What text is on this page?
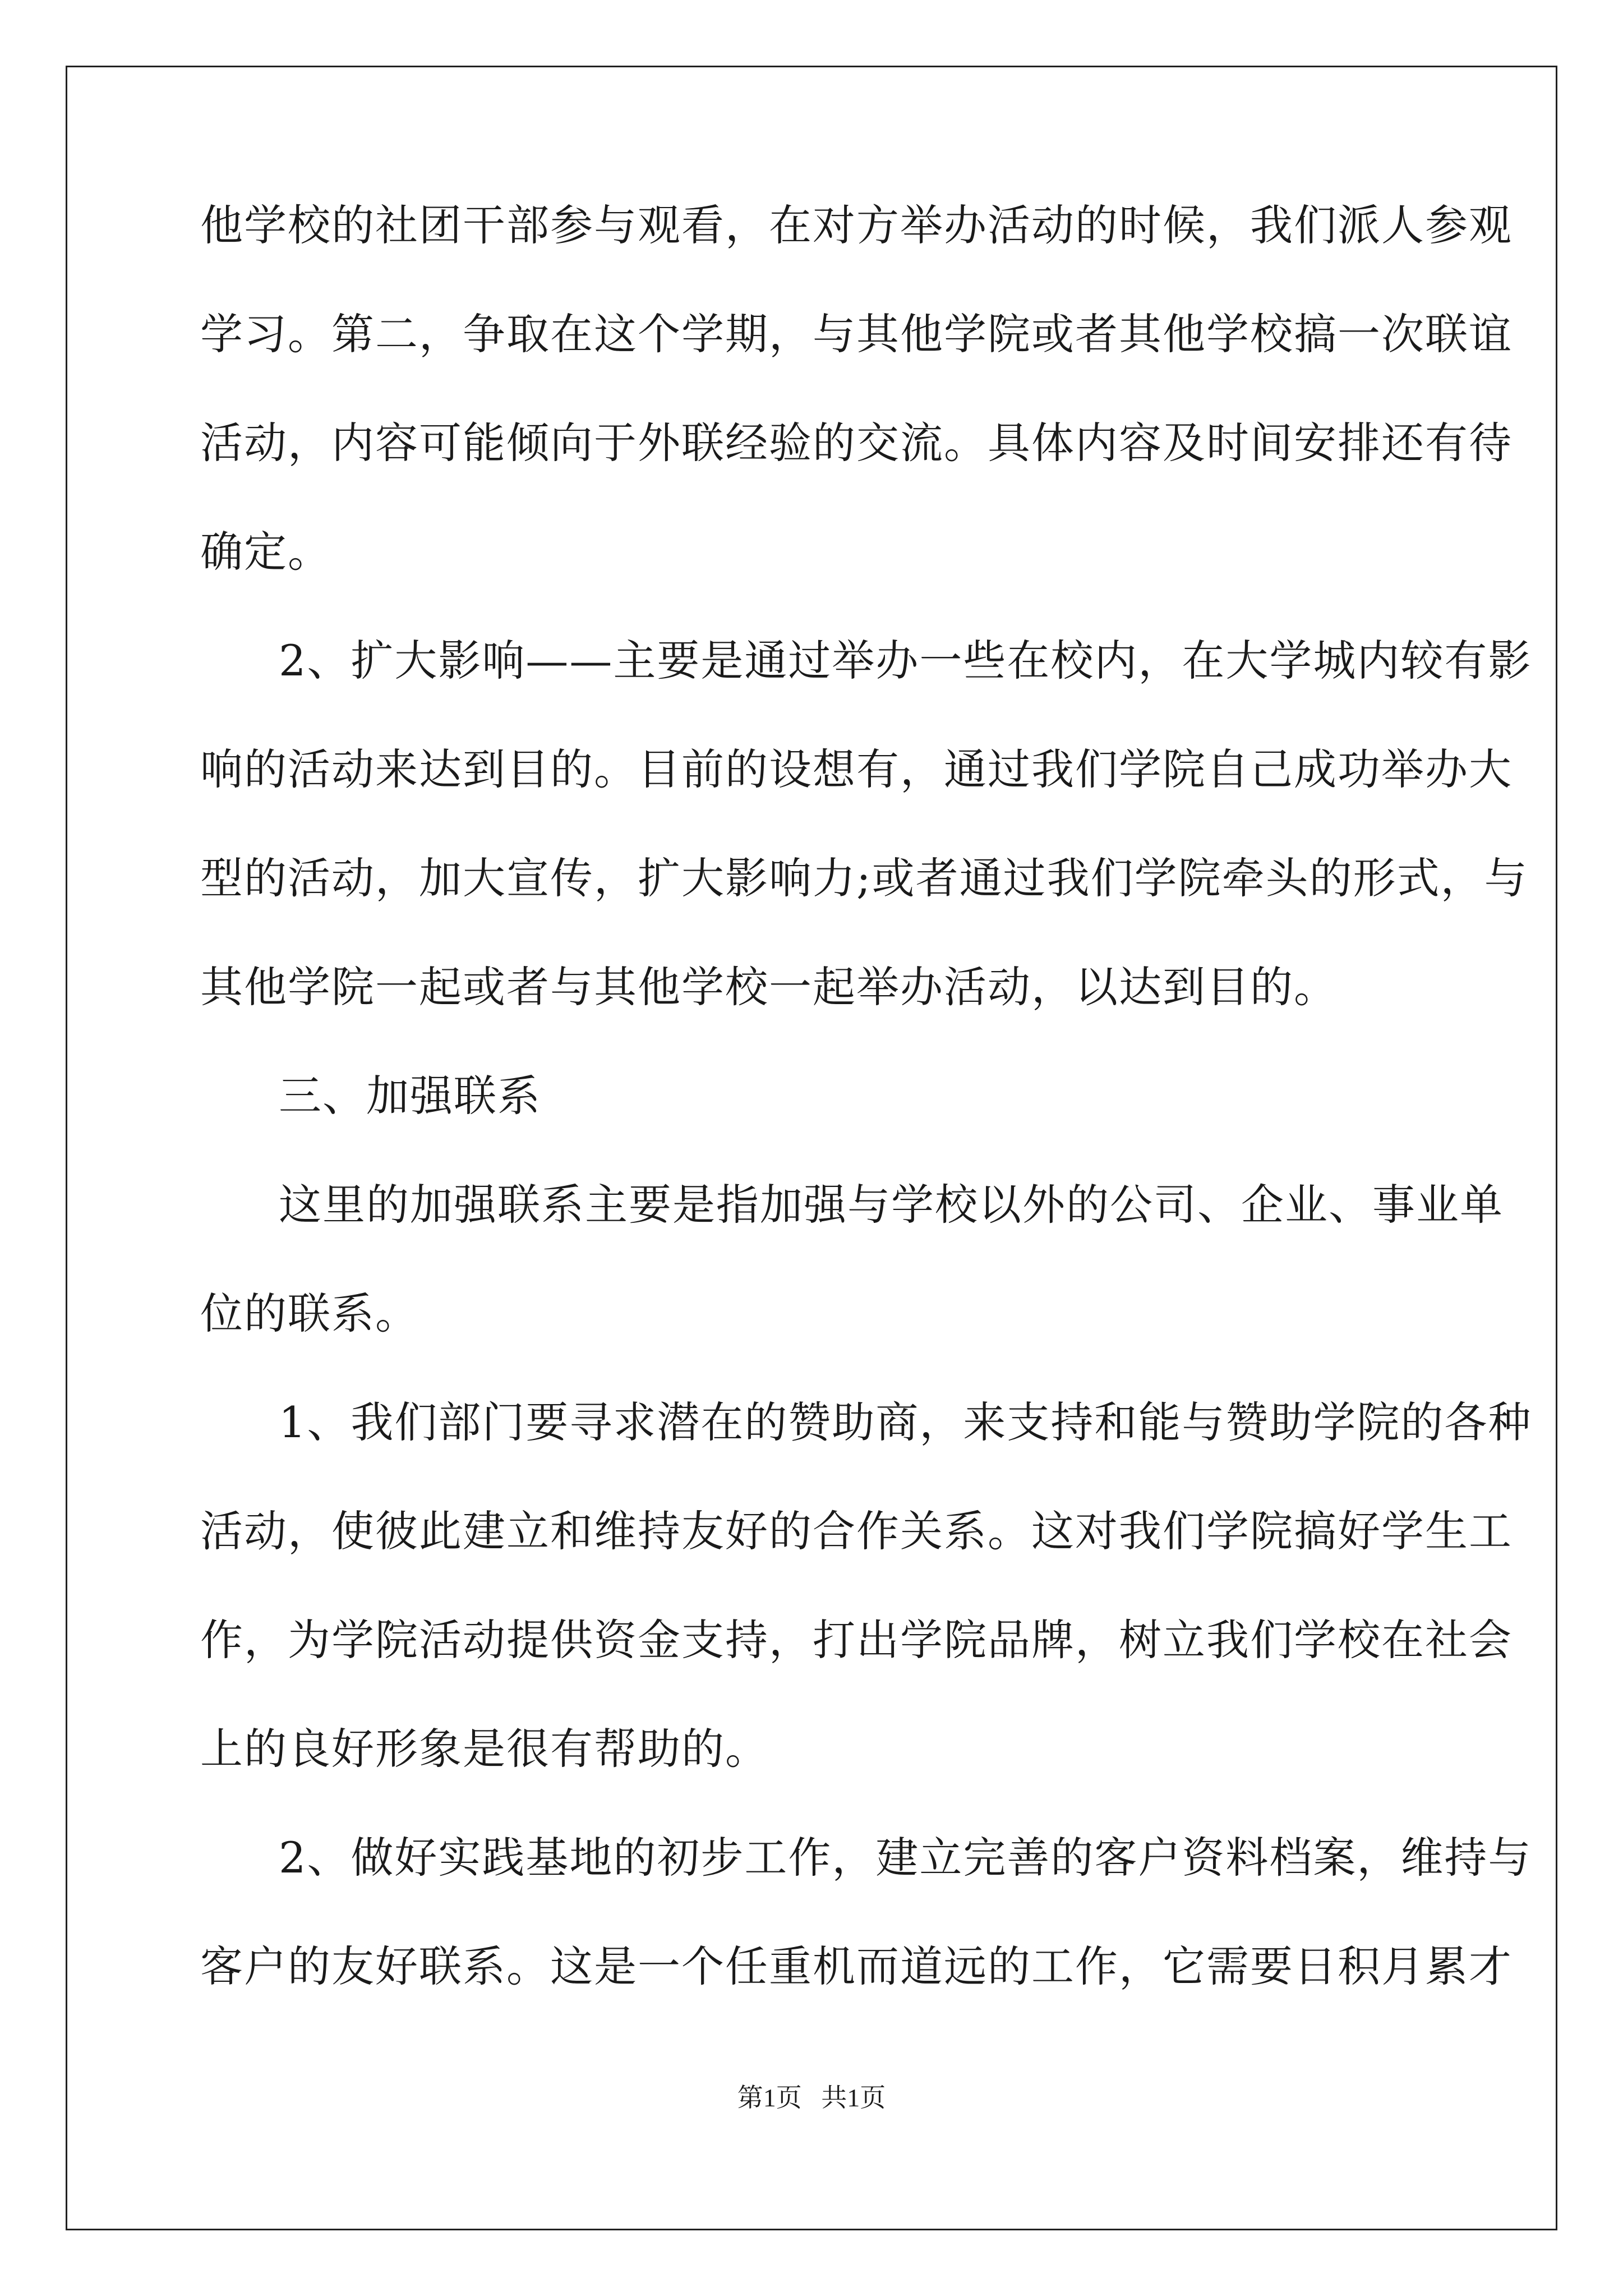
他学校的社团干部参与观看，在对方举办活动的时候，我们派人参观
学习。第二，争取在这个学期，与其他学院或者其他学校搞一次联谊
活动，内容可能倾向于外联经验的交流。具体内容及时间安排还有待
确定。
2、扩大影响——主要是通过举办一些在校内，在大学城内较有影
响的活动来达到目的。目前的设想有，通过我们学院自己成功举办大
型的活动，加大宣传，扩大影响力;或者通过我们学院牵头的形式，与
其他学院一起或者与其他学校一起举办活动，以达到目的。
三、加强联系
这里的加强联系主要是指加强与学校以外的公司、企业、事业单
位的联系。
1、我们部门要寻求潜在的赞助商，来支持和能与赞助学院的各种
活动，使彼此建立和维持友好的合作关系。这对我们学院搞好学生工
作，为学院活动提供资金支持，打出学院品牌，树立我们学校在社会
上的良好形象是很有帮助的。
2、做好实践基地的初步工作，建立完善的客户资料档案，维持与
客户的友好联系。这是一个任重机而道远的工作，它需要日积月累才
第1页 共1页
